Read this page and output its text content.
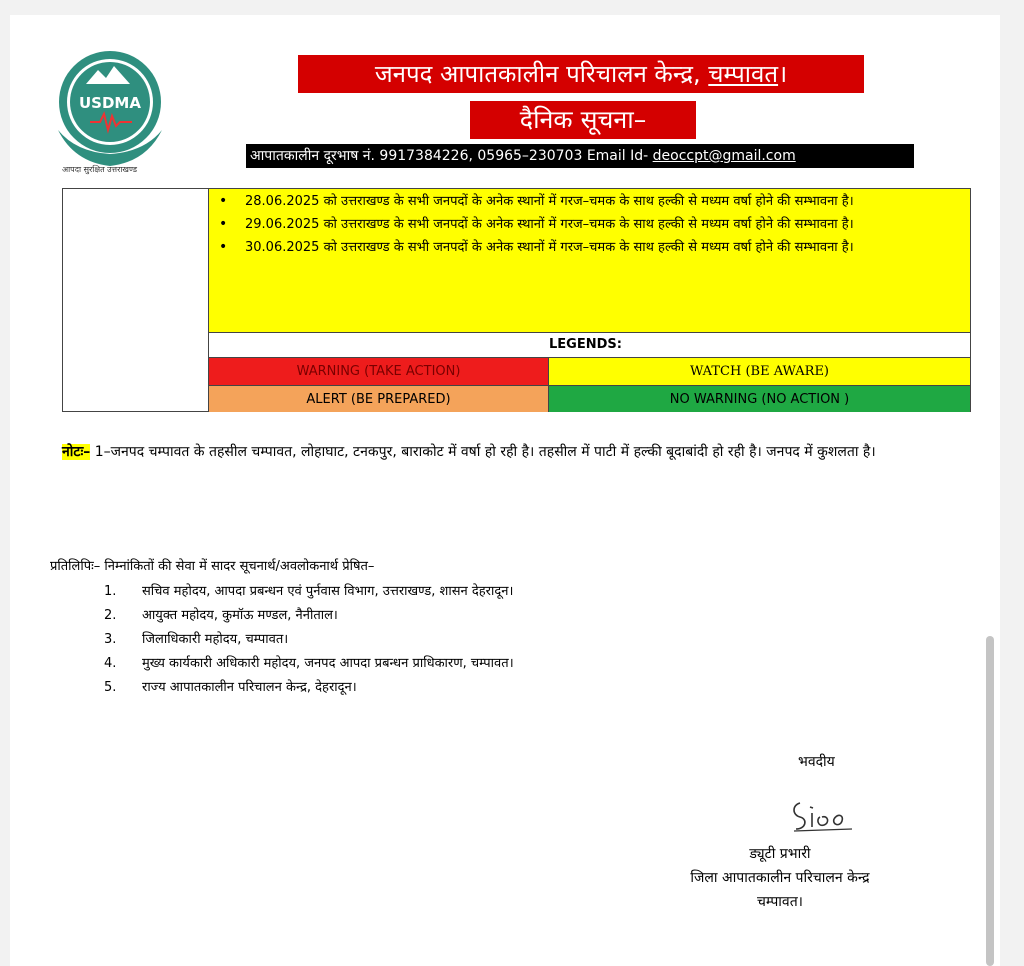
USDMA
आपदा सुरक्षित उत्तराखण्ड
जनपद आपातकालीन परिचालन केन्द्र, चम्पावत।
दैनिक सूचना–
आपातकालीन दूरभाष नं. 9917384226, 05965–230703 Email Id- deoccpt@gmail.com
• 28.06.2025 को उत्तराखण्ड के सभी जनपदों के अनेक स्थानों में गरज–चमक के साथ हल्की से मध्यम वर्षा होने की सम्भावना है।
• 29.06.2025 को उत्तराखण्ड के सभी जनपदों के अनेक स्थानों में गरज–चमक के साथ हल्की से मध्यम वर्षा होने की सम्भावना है।
• 30.06.2025 को उत्तराखण्ड के सभी जनपदों के अनेक स्थानों में गरज–चमक के साथ हल्की से मध्यम वर्षा होने की सम्भावना है।
LEGENDS:
WARNING (TAKE ACTION)	WATCH (BE AWARE)
ALERT (BE PREPARED)	NO WARNING (NO ACTION )
नोटः– 1–जनपद चम्पावत के तहसील चम्पावत, लोहाघाट, टनकपुर, बाराकोट में वर्षा हो रही है। तहसील में पाटी में हल्की बूदाबांदी हो रही है। जनपद में कुशलता है।
प्रतिलिपिः– निम्नांकितों की सेवा में सादर सूचनार्थ/अवलोकनार्थ प्रेषित–
1. सचिव महोदय, आपदा प्रबन्धन एवं पुर्नवास विभाग, उत्तराखण्ड, शासन देहरादून।
2. आयुक्त महोदय, कुमॉऊ मण्डल, नैनीताल।
3. जिलाधिकारी महोदय, चम्पावत।
4. मुख्य कार्यकारी अधिकारी महोदय, जनपद आपदा प्रबन्धन प्राधिकारण, चम्पावत।
5. राज्य आपातकालीन परिचालन केन्द्र, देहरादून।
भवदीय
ड्यूटी प्रभारी
जिला आपातकालीन परिचालन केन्द्र
चम्पावत।
